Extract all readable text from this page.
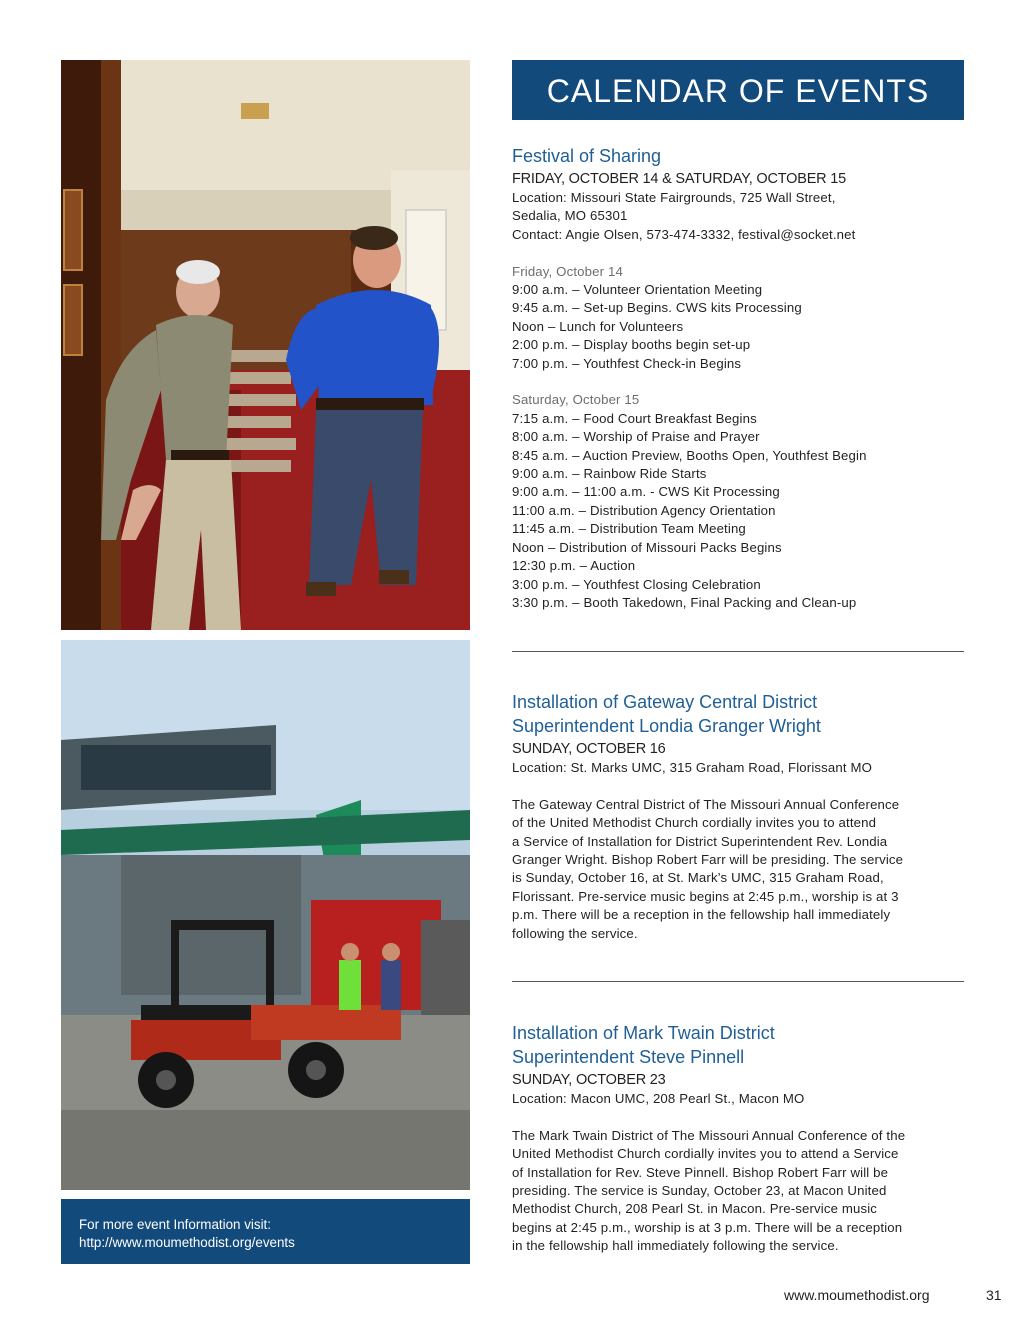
For more event Information visit:
http://www.moumethodist.org/events
CALENDAR OF EVENTS
Festival of Sharing
FRIDAY, OCTOBER 14 & SATURDAY, OCTOBER 15
Location: Missouri State Fairgrounds, 725 Wall Street,
Sedalia, MO 65301
Contact: Angie Olsen, 573-474-3332, festival@socket.net
Friday, October 14
9:00 a.m. – Volunteer Orientation Meeting
9:45 a.m. – Set-up Begins. CWS kits Processing
Noon – Lunch for Volunteers
2:00 p.m. – Display booths begin set-up
7:00 p.m. – Youthfest Check-in Begins
Saturday, October 15
7:15 a.m. – Food Court Breakfast Begins
8:00 a.m. – Worship of Praise and Prayer
8:45 a.m. – Auction Preview, Booths Open, Youthfest Begin
9:00 a.m. – Rainbow Ride Starts
9:00 a.m. – 11:00 a.m. - CWS Kit Processing
11:00 a.m. – Distribution Agency Orientation
11:45 a.m. – Distribution Team Meeting
Noon – Distribution of Missouri Packs Begins
12:30 p.m. – Auction
3:00 p.m. – Youthfest Closing Celebration
3:30 p.m. – Booth Takedown, Final Packing and Clean-up
Installation of Gateway Central District
Superintendent Londia Granger Wright
SUNDAY, OCTOBER 16
Location: St. Marks UMC, 315 Graham Road, Florissant MO
The Gateway Central District of The Missouri Annual Conference
of the United Methodist Church cordially invites you to attend
a Service of Installation for District Superintendent Rev. Londia
Granger Wright. Bishop Robert Farr will be presiding. The service
is Sunday, October 16, at St. Mark’s UMC, 315 Graham Road,
Florissant. Pre-service music begins at 2:45 p.m., worship is at 3
p.m. There will be a reception in the fellowship hall immediately
following the service.
Installation of Mark Twain District
Superintendent Steve Pinnell
SUNDAY, OCTOBER 23
Location: Macon UMC, 208 Pearl St., Macon MO
The Mark Twain District of The Missouri Annual Conference of the
United Methodist Church cordially invites you to attend a Service
of Installation for Rev. Steve Pinnell. Bishop Robert Farr will be
presiding. The service is Sunday, October 23, at Macon United
Methodist Church, 208 Pearl St. in Macon. Pre-service music
begins at 2:45 p.m., worship is at 3 p.m. There will be a reception
in the fellowship hall immediately following the service.
www.moumethodist.org	31
